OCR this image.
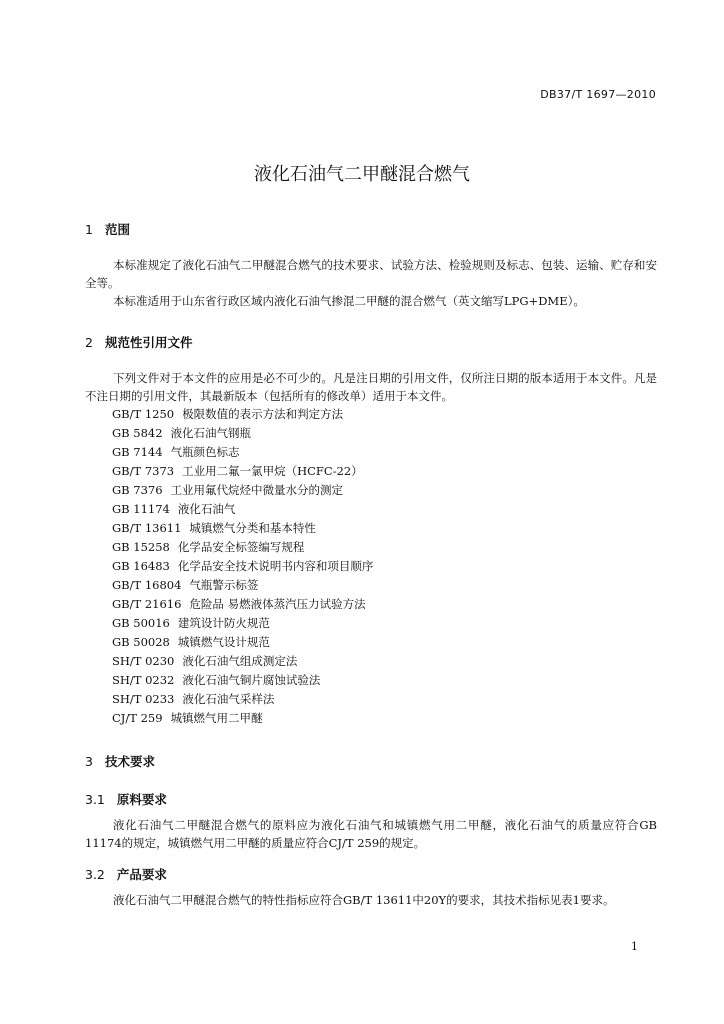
DB37/T 1697—2010
液化石油气二甲醚混合燃气
1 范围

本标准规定了液化石油气二甲醚混合燃气的技术要求、试验方法、检验规则及标志、包装、运输、贮存和安全等。

本标准适用于山东省行政区域内液化石油气掺混二甲醚的混合燃气（英文缩写LPG+DME）。

2 规范性引用文件

下列文件对于本文件的应用是必不可少的。凡是注日期的引用文件，仅所注日期的版本适用于本文件。凡是不注日期的引用文件，其最新版本（包括所有的修改单）适用于本文件。

GB/T 1250 极限数值的表示方法和判定方法
GB 5842 液化石油气钢瓶
GB 7144 气瓶颜色标志
GB/T 7373 工业用二氟一氯甲烷（HCFC-22）
GB 7376 工业用氟代烷烃中微量水分的测定
GB 11174 液化石油气
GB/T 13611 城镇燃气分类和基本特性
GB 15258 化学品安全标签编写规程
GB 16483 化学品安全技术说明书内容和项目顺序
GB/T 16804 气瓶警示标签
GB/T 21616 危险品 易燃液体蒸汽压力试验方法
GB 50016 建筑设计防火规范
GB 50028 城镇燃气设计规范
SH/T 0230 液化石油气组成测定法
SH/T 0232 液化石油气铜片腐蚀试验法
SH/T 0233 液化石油气采样法
CJ/T 259 城镇燃气用二甲醚
3 技术要求
3.1 原料要求

液化石油气二甲醚混合燃气的原料应为液化石油气和城镇燃气用二甲醚，液化石油气的质量应符合GB 11174的规定，城镇燃气用二甲醚的质量应符合CJ/T 259的规定。

3.2 产品要求

液化石油气二甲醚混合燃气的特性指标应符合GB/T 13611中20Y的要求，其技术指标见表1要求。

1
